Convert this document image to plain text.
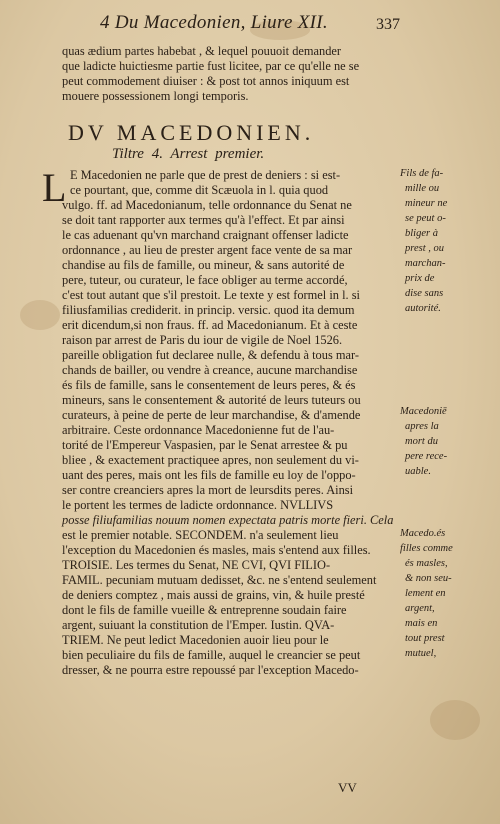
4 Du Macedonien, Liure XII.	337
quas ædium partes habebat , & lequel pouuoit demander
que ladicte huictiesme partie fust licitee, par ce qu'elle ne se
peut commodement diuiser : & post tot annos iniquum est
mouere possessionem longi temporis.
DV MACEDONIEN.
Tiltre 4. Arrest premier.
L E Macedonien ne parle que de prest de deniers : si est-
ce pourtant, que, comme dit Scæuola in l. quia quod
vulgo. ff. ad Macedonianum, telle ordonnance du Senat ne
se doit tant rapporter aux termes qu'à l'effect. Et par ainsi
le cas aduenant qu'vn marchand craignant offenser ladicte
ordonnance , au lieu de prester argent face vente de sa mar
chandise au fils de famille, ou mineur, & sans autorité de
pere, tuteur, ou curateur, le face obliger au terme accordé,
c'est tout autant que s'il prestoit. Le texte y est formel in l. si
filiusfamilias crediderit. in princip. versic. quod ita demum
erit dicendum,si non fraus. ff. ad Macedonianum. Et à ceste
raison par arrest de Paris du iour de vigile de Noel 1526.
pareille obligation fut declaree nulle, & defendu à tous mar-
chands de bailler, ou vendre à creance, aucune marchandise
és fils de famille, sans le consentement de leurs peres, & és
mineurs, sans le consentement & autorité de leurs tuteurs ou
curateurs, à peine de perte de leur marchandise, & d'amende
arbitraire. Ceste ordonnance Macedonienne fut de l'au-
torité de l'Empereur Vaspasien, par le Senat arrestee & pu
bliee , & exactement practiquee apres, non seulement du vi-
uant des peres, mais ont les fils de famille eu loy de l'oppo-
ser contre creanciers apres la mort de leursdits peres. Ainsi
le portent les termes de ladicte ordonnance. NVLLIVS
posse filiufamilias nouum nomen expectata patris morte fieri. Cela
est le premier notable. SECONDEM. n'a seulement lieu
l'exception du Macedonien és masles, mais s'entend aux filles.
TROISIE. Les termes du Senat, NE CVI, QVI FILIO-
FAMIL. pecuniam mutuam dedisset, &c. ne s'entend seulement
de deniers comptez , mais aussi de grains, vin, & huile presté
dont le fils de famille vueille & entreprenne soudain faire
argent, suiuant la constitution de l'Emper. Iustin. QVA-
TRIEM. Ne peut ledict Macedonien auoir lieu pour le
bien peculiaire du fils de famille, auquel le creancier se peut
dresser, & ne pourra estre repoussé par l'exception Macedo-
Fils de fa-
mille ou
mineur ne
se peut o-
bliger à
prest , ou
marchan-
prix de
dise sans
autorité.
Macedoniē
apres la
mort du
pere rece-
uable.
Macedo.és
filles comme
és masles,
& non seu-
lement en
argent,
mais en
tout prest
mutuel,
VV
